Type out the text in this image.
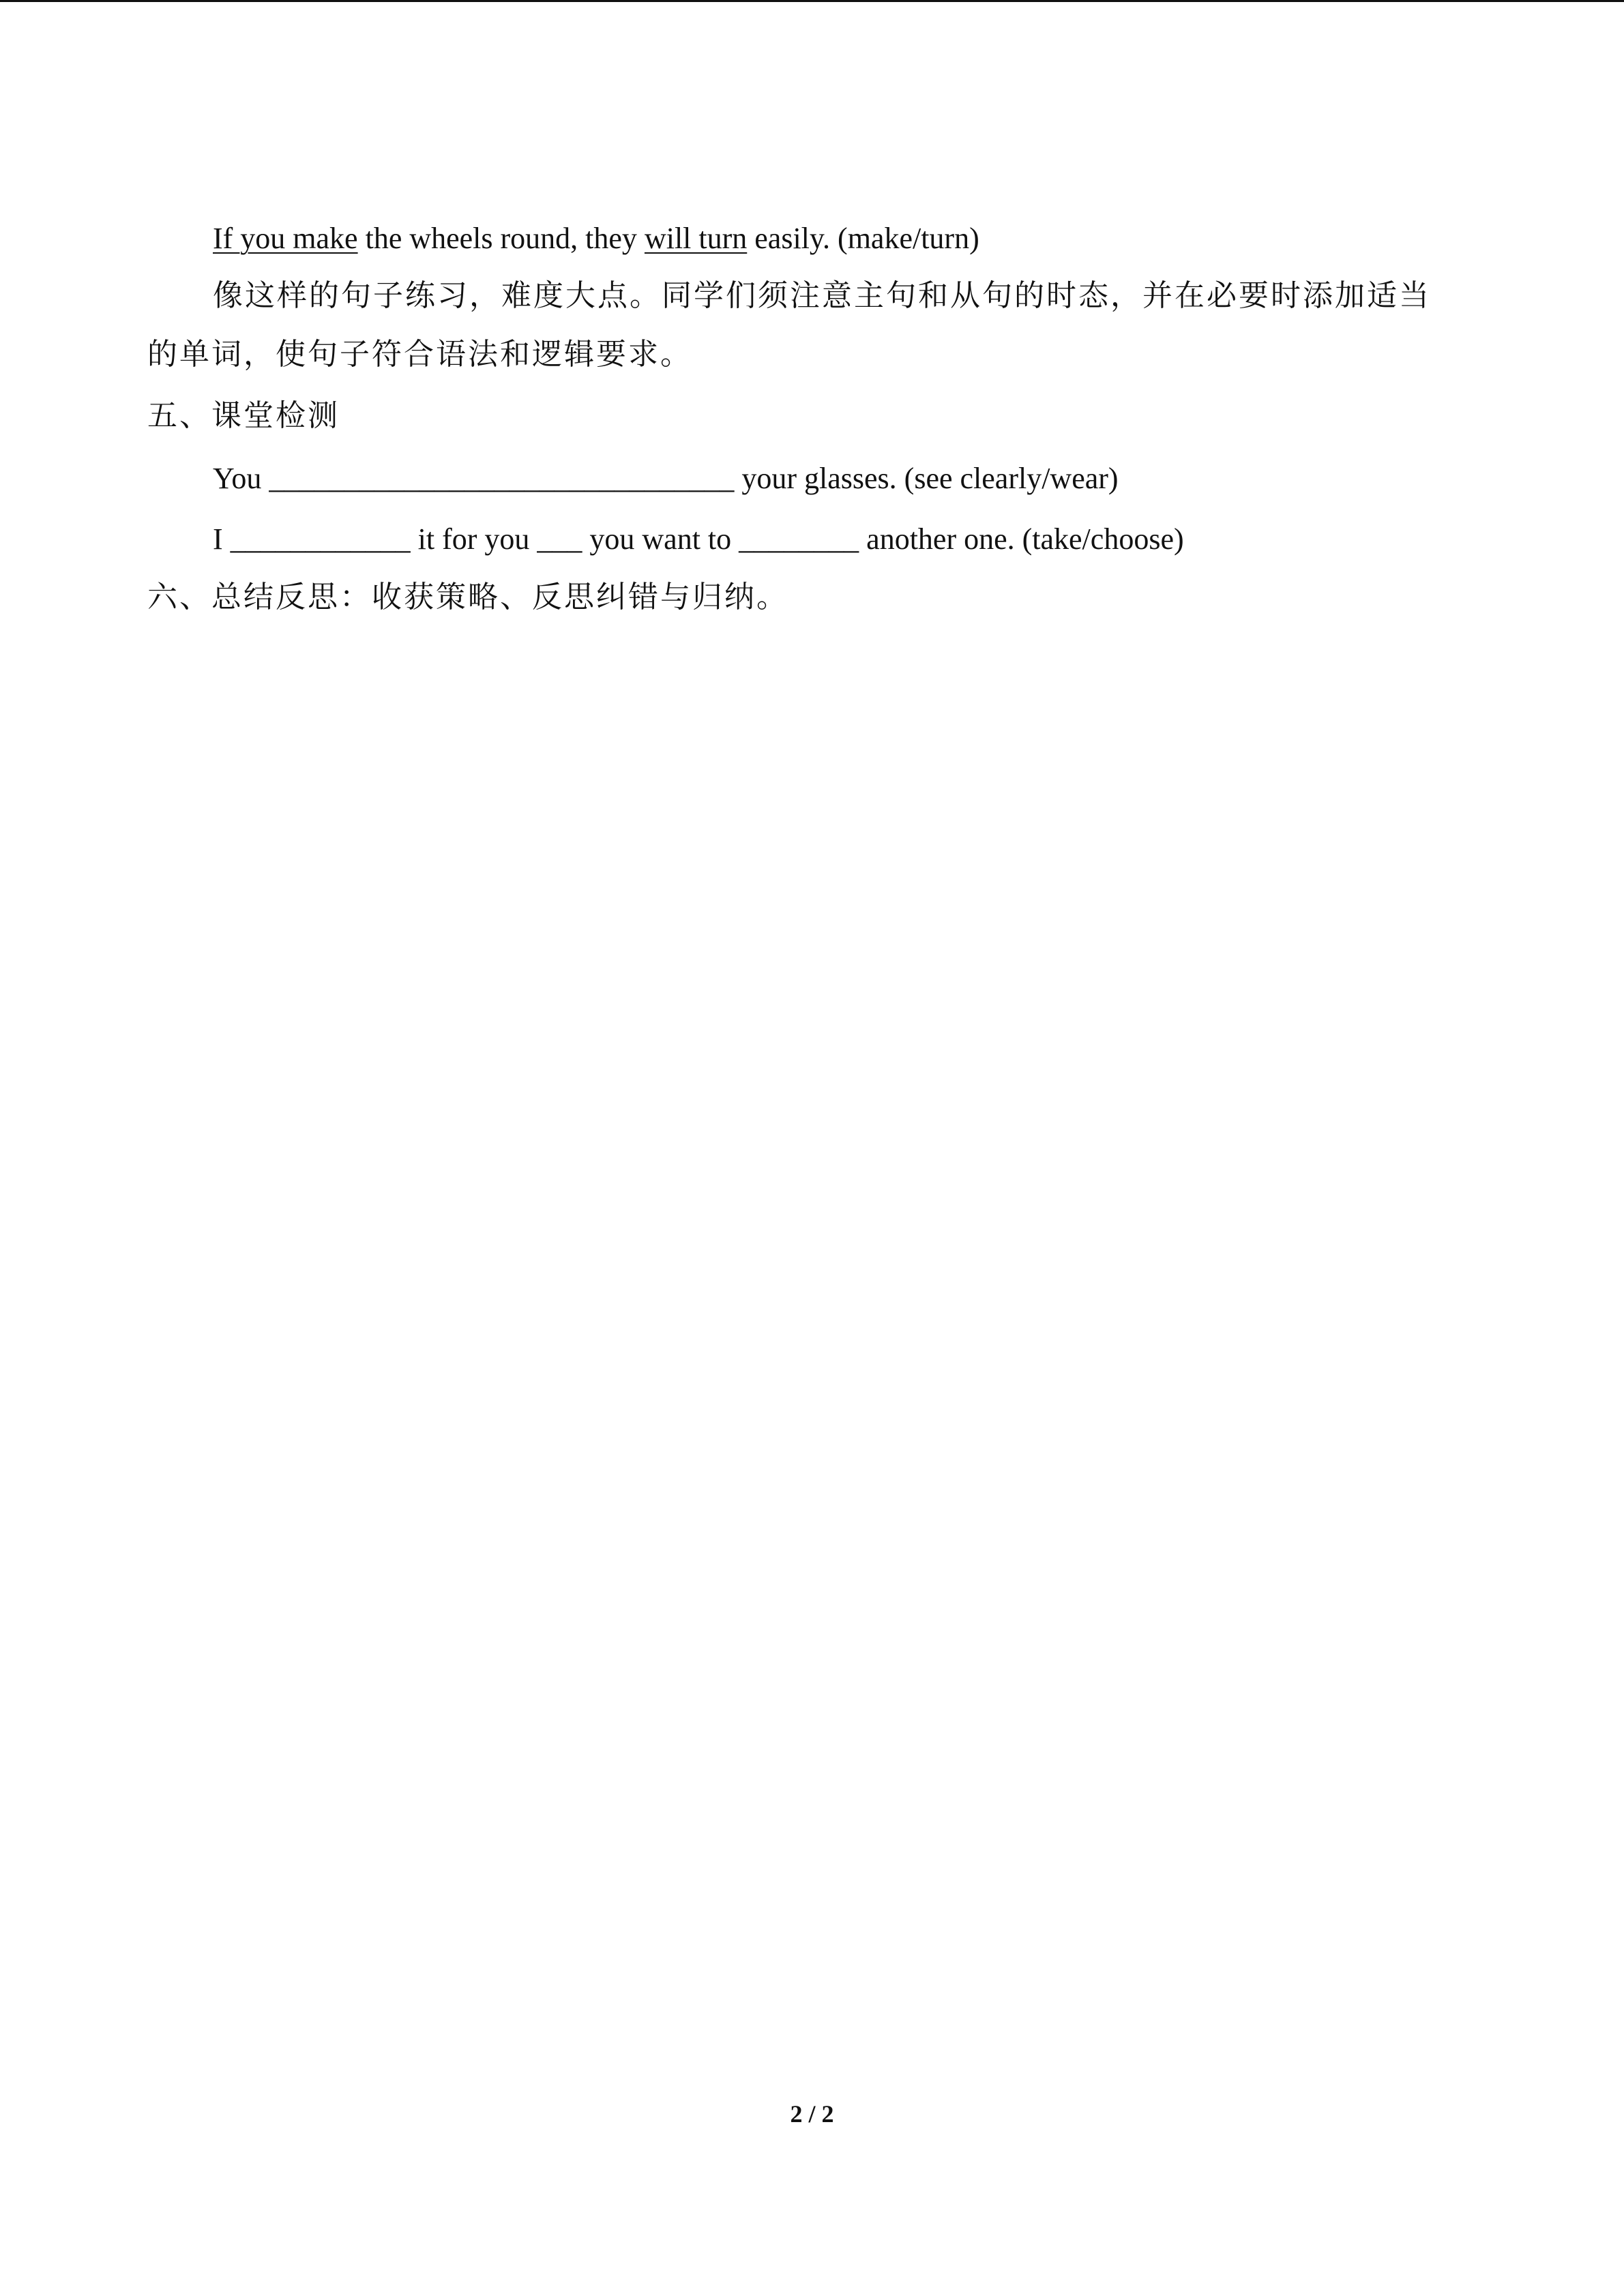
If you make the wheels round, they will turn easily. (make/turn)
像这样的句子练习，难度大点。同学们须注意主句和从句的时态，并在必要时添加适当
的单词，使句子符合语法和逻辑要求。
五、课堂检测
You _______________________________ your glasses. (see clearly/wear)
I ____________ it for you ___ you want to ________ another one. (take/choose)
六、总结反思：收获策略、反思纠错与归纳。
2 / 2
